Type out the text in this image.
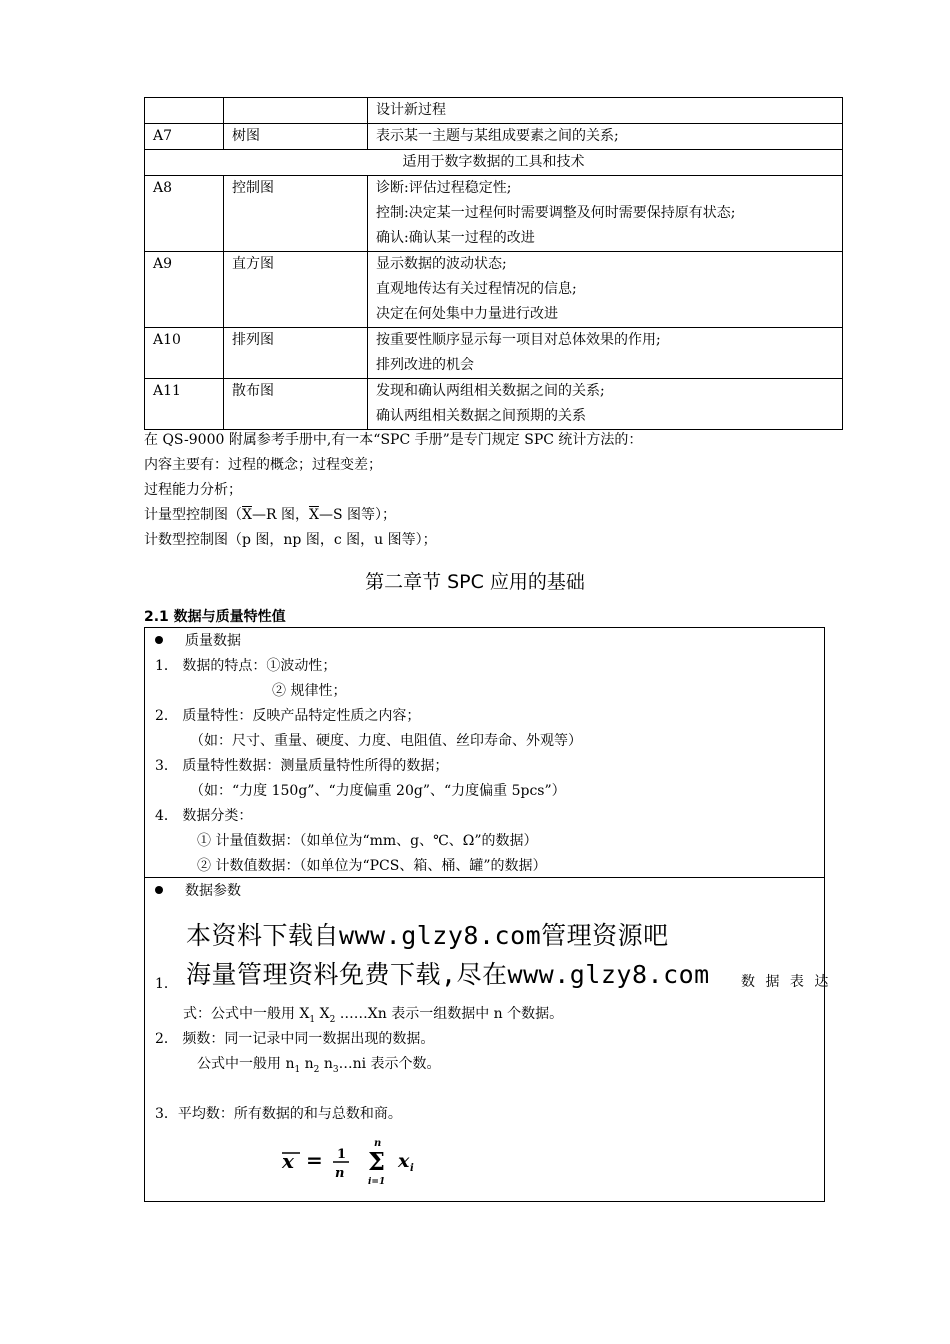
		设计新过程

A7	树图	表示某一主题与某组成要素之间的关系;

适用于数字数据的工具和技术		
A8	控制图	诊断:评估过程稳定性;
控制:决定某一过程何时需要调整及何时需要保持原有状态;
确认:确认某一过程的改进

A9	直方图	显示数据的波动状态;
直观地传达有关过程情况的信息;
决定在何处集中力量进行改进

A10	排列图	按重要性顺序显示每一项目对总体效果的作用;
排列改进的机会

A11	散布图	发现和确认两组相关数据之间的关系;
确认两组相关数据之间预期的关系
在 QS-9000 附属参考手册中,有一本“SPC 手册”是专门规定 SPC 统计方法的：
内容主要有：过程的概念；过程变差；
过程能力分析；
计量型控制图（$\overline{X}—R$ 图，$\overline{X}—S$ 图等）；
计数型控制图（p 图，np 图，c 图，u 图等）；
第二章节 SPC 应用的基础
2.1 数据与质量特性值
质量数据
1． 数据的特点：①波动性；
② 规律性；
2． 质量特性：反映产品特定性质之内容；
（如：尺寸、重量、硬度、力度、电阻值、丝印寿命、外观等）
3． 质量特性数据：测量质量特性所得的数据；
（如：“力度 150g”、“力度偏重 20g”、“力度偏重 5pcs”）
4． 数据分类：
① 计量值数据：（如单位为“mm、g、℃、Ω”的数据）
② 计数值数据：（如单位为“PCS、箱、桶、罐”的数据）
数据参数
1．	数 据 表 达
式：公式中一般用 $X_1$ $X_2$ ……Xn 表示一组数据中 n 个数据。
2． 频数：同一记录中同一数据出现的数据。
公式中一般用 $n_1$ $n_2$ $n_3\dots ni$ 表示个数。
3．平均数：所有数据的和与总数和商。
本资料下载自www.glzy8.com管理资源吧
海量管理资料免费下载,尽在www.glzy8.com
x = 1
n
n
Σ
i=1
x i
